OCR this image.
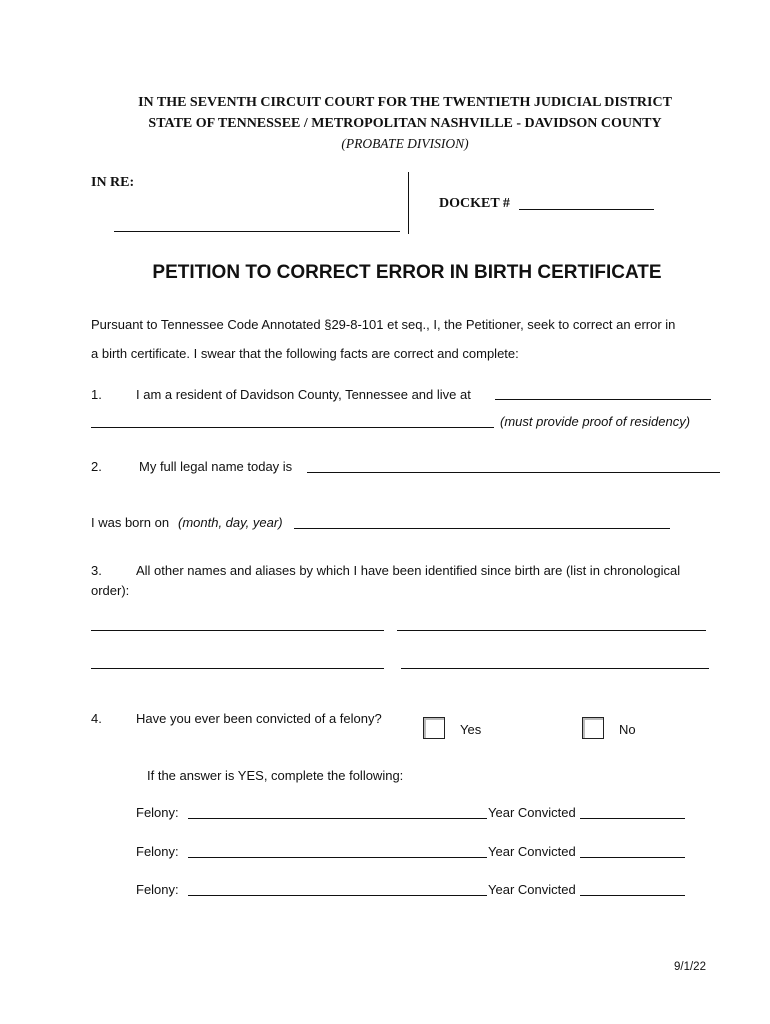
IN THE SEVENTH CIRCUIT COURT FOR THE TWENTIETH JUDICIAL DISTRICT
STATE OF TENNESSEE / METROPOLITAN NASHVILLE - DAVIDSON COUNTY
(PROBATE DIVISION)
IN RE:
DOCKET #
PETITION TO CORRECT ERROR IN BIRTH CERTIFICATE
Pursuant to Tennessee Code Annotated §29-8-101 et seq., I, the Petitioner, seek to correct an error in
a birth certificate. I swear that the following facts are correct and complete:
1.	I am a resident of Davidson County, Tennessee and live at
(must provide proof of residency)
2.	My full legal name today is
I was born on (month, day, year)
3.	All other names and aliases by which I have been identified since birth are (list in chronological
order):
4.	Have you ever been convicted of a felony?
Yes	No
If the answer is YES, complete the following:
Felony:	Year Convicted
Felony:	Year Convicted
Felony:	Year Convicted
9/1/22
